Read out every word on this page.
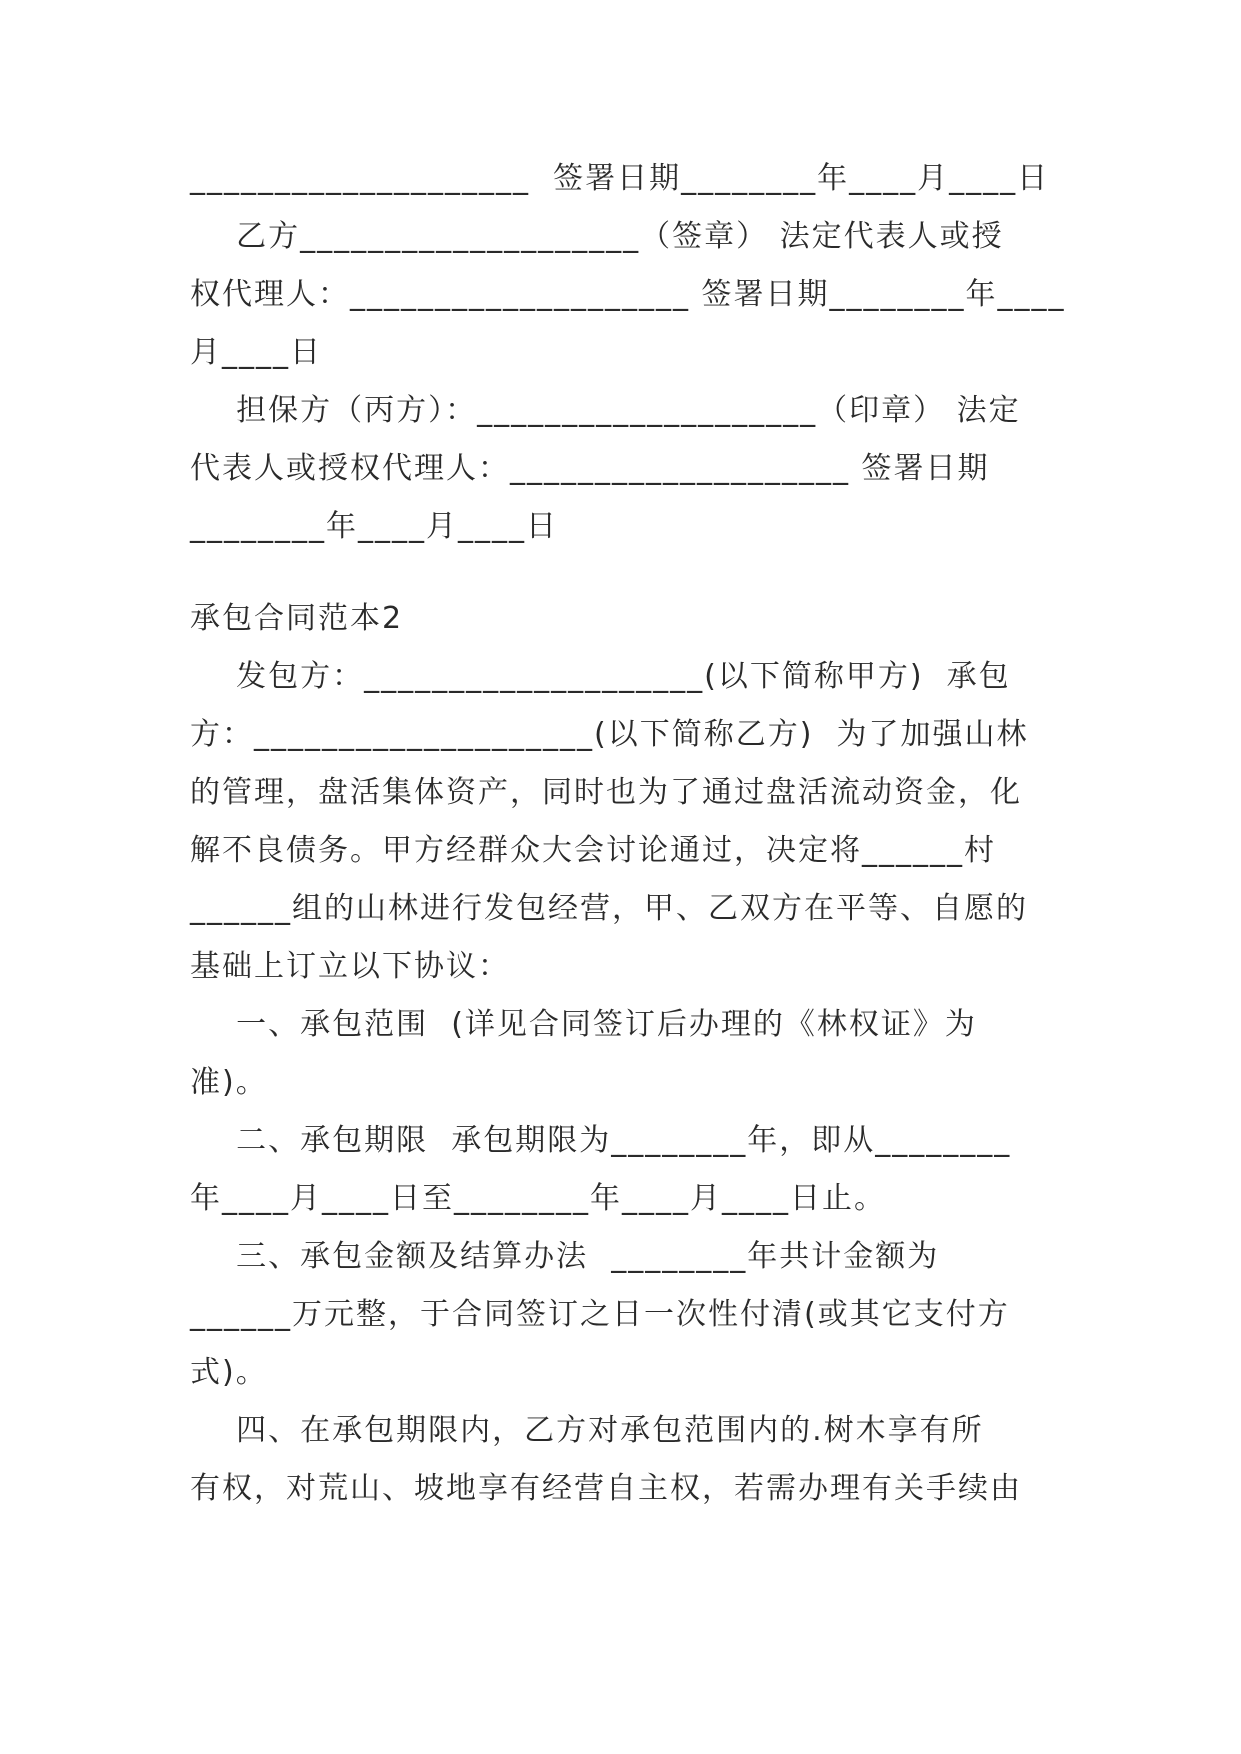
____________________  签署日期________年____月____日
乙方____________________（签章） 法定代表人或授
权代理人：____________________ 签署日期________年____
月____日
担保方（丙方）：____________________（印章） 法定
代表人或授权代理人：____________________ 签署日期
________年____月____日
承包合同范本2
发包方：____________________(以下简称甲方)  承包
方：____________________(以下简称乙方)  为了加强山林
的管理，盘活集体资产，同时也为了通过盘活流动资金，化
解不良债务。甲方经群众大会讨论通过，决定将______村
______组的山林进行发包经营，甲、乙双方在平等、自愿的
基础上订立以下协议：
一、承包范围  (详见合同签订后办理的《林权证》为
准)。
二、承包期限  承包期限为________年，即从________
年____月____日至________年____月____日止。
三、承包金额及结算办法  ________年共计金额为
______万元整，于合同签订之日一次性付清(或其它支付方
式)。
四、在承包期限内，乙方对承包范围内的.树木享有所
有权，对荒山、坡地享有经营自主权，若需办理有关手续由
